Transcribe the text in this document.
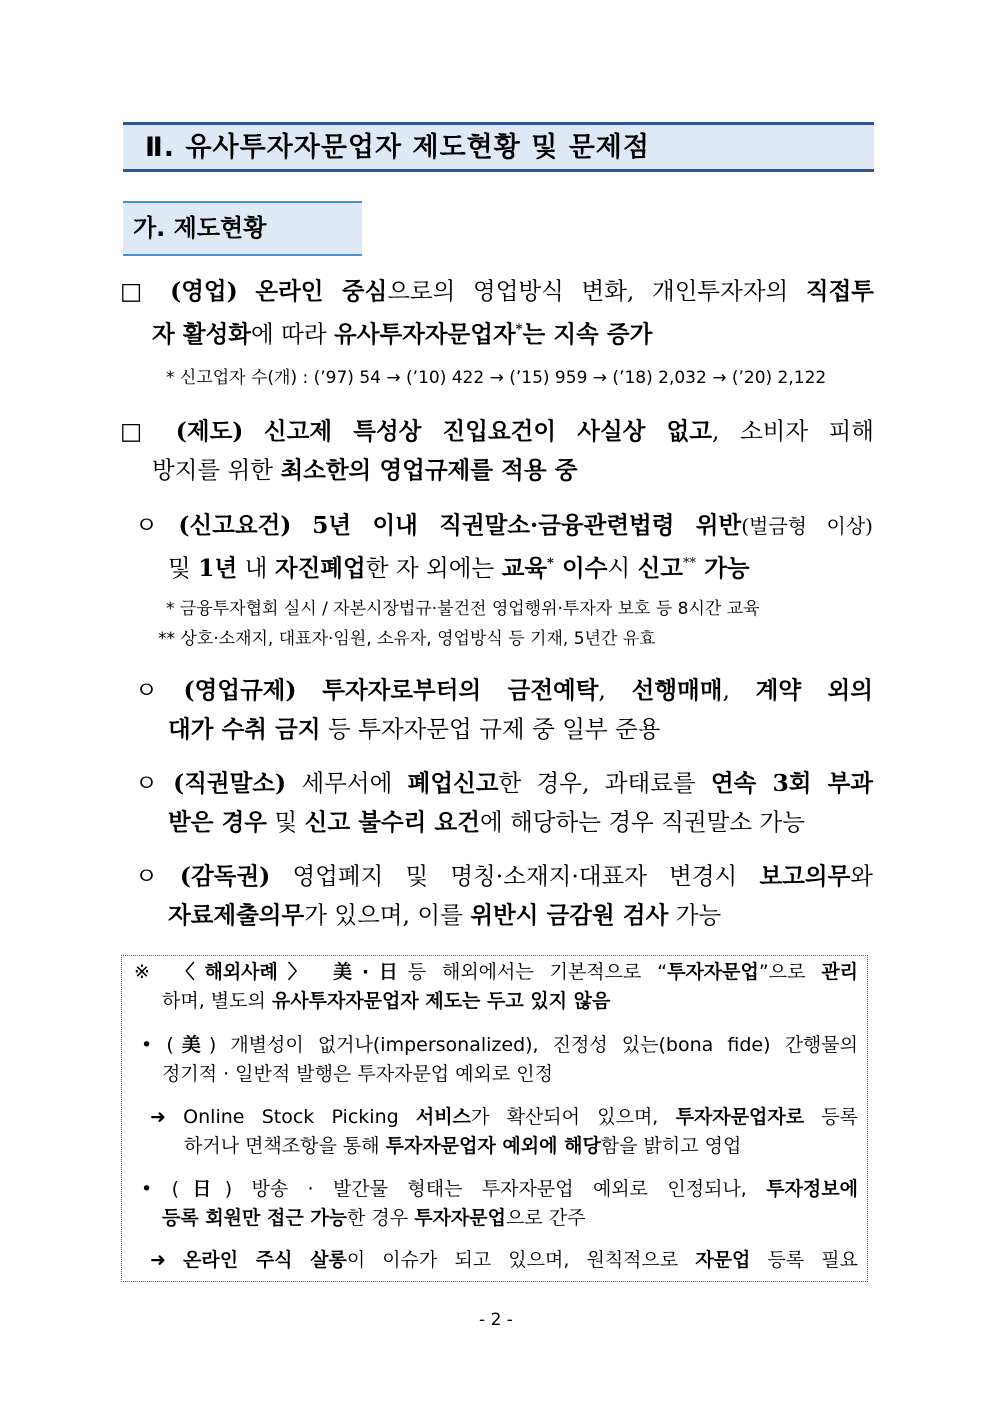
Ⅱ. 유사투자자문업자 제도현황 및 문제점
가. 제도현황
□ (영업) 온라인 중심으로의 영업방식 변화, 개인투자자의 직접투
자 활성화에 따라 유사투자자문업자*는 지속 증가
* 신고업자 수(개) : (’97) 54 → (’10) 422 → (’15) 959 → (’18) 2,032 → (’20) 2,122
□ (제도) 신고제 특성상 진입요건이 사실상 없고, 소비자 피해
방지를 위한 최소한의 영업규제를 적용 중
ㅇ (신고요건) 5년 이내 직권말소·금융관련법령 위반(벌금형 이상)
및 1년 내 자진폐업한 자 외에는 교육* 이수시 신고** 가능
* 금융투자협회 실시 / 자본시장법규·불건전 영업행위·투자자 보호 등 8시간 교육
** 상호·소재지, 대표자·임원, 소유자, 영업방식 등 기재, 5년간 유효
ㅇ (영업규제) 투자자로부터의 금전예탁, 선행매매, 계약 외의
대가 수취 금지 등 투자자문업 규제 중 일부 준용
ㅇ (직권말소) 세무서에 폐업신고한 경우, 과태료를 연속 3회 부과
받은 경우 및 신고 불수리 요건에 해당하는 경우 직권말소 가능
ㅇ (감독권) 영업폐지 및 명칭·소재지·대표자 변경시 보고의무와
자료제출의무가 있으며, 이를 위반시 금감원 검사 가능
※ 〈해외사례〉 美·日등 해외에서는 기본적으로 “투자자문업”으로 관리
하며, 별도의 유사투자자문업자 제도는 두고 있지 않음
• (美) 개별성이 없거나(impersonalized), 진정성 있는(bona fide) 간행물의
정기적 · 일반적 발행은 투자자문업 예외로 인정
➜ Online Stock Picking 서비스가 확산되어 있으며, 투자자문업자로 등록
하거나 면책조항을 통해 투자자문업자 예외에 해당함을 밝히고 영업
• (日) 방송 · 발간물 형태는 투자자문업 예외로 인정되나, 투자정보에
등록 회원만 접근 가능한 경우 투자자문업으로 간주
➜ 온라인 주식 살롱이 이슈가 되고 있으며, 원칙적으로 자문업 등록 필요
- 2 -
